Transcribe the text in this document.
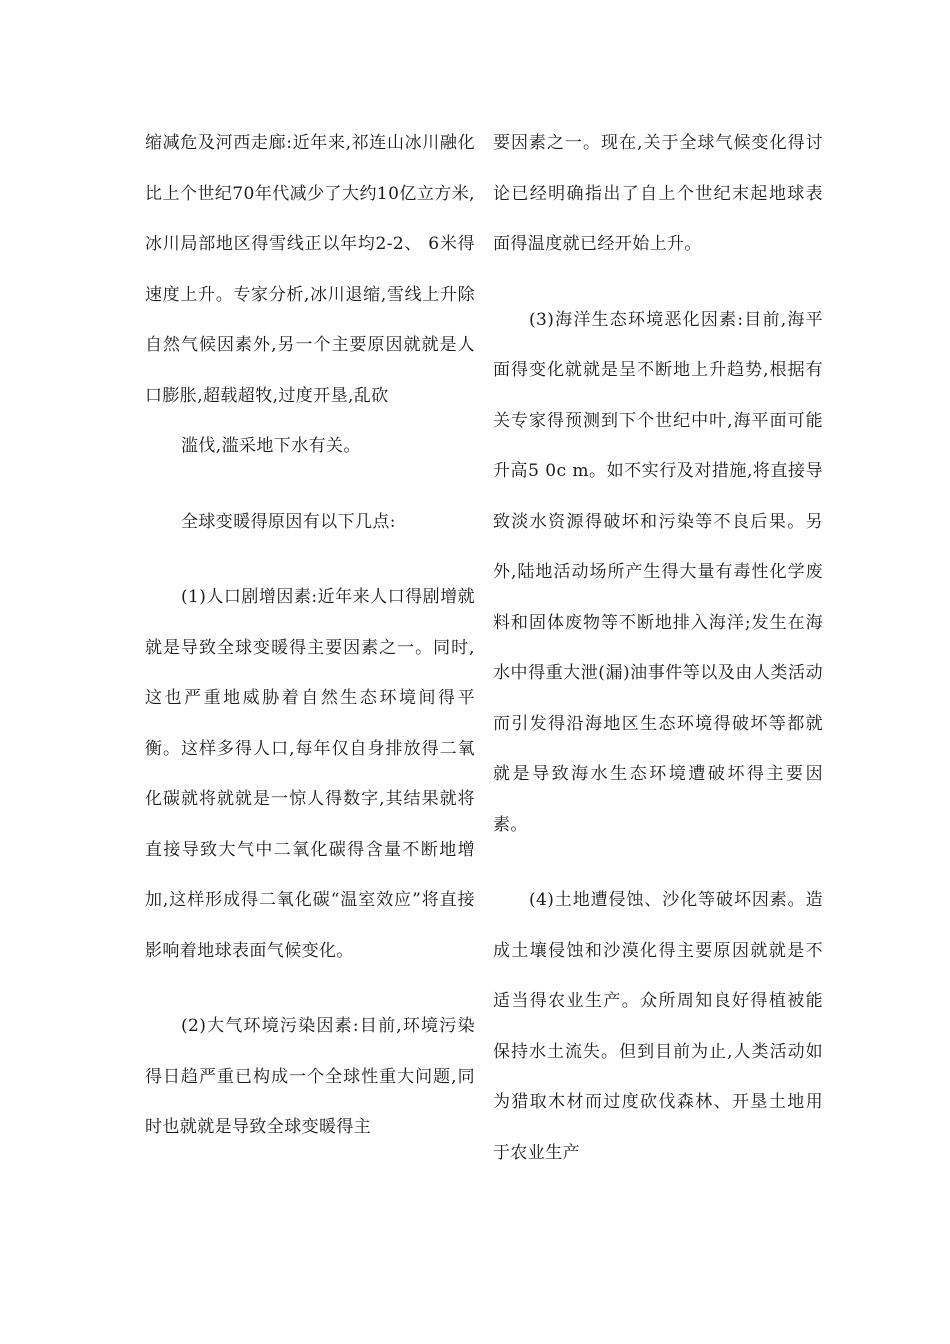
缩减危及河西走廊:近年来,祁连山冰川融化比上个世纪70年代减少了大约10亿立方米,冰川局部地区得雪线正以年均2-2、 6米得速度上升。专家分析,冰川退缩,雪线上升除自然气候因素外,另一个主要原因就就是人口膨胀,超载超牧,过度开垦,乱砍

滥伐,滥采地下水有关。

全球变暖得原因有以下几点:

(1)人口剧增因素:近年来人口得剧增就就是导致全球变暖得主要因素之一。同时,这也严重地威胁着自然生态环境间得平衡。这样多得人口,每年仅自身排放得二氧化碳就将就就是一惊人得数字,其结果就将直接导致大气中二氧化碳得含量不断地增加,这样形成得二氧化碳“温室效应”将直接影响着地球表面气候变化。

(2)大气环境污染因素:目前,环境污染得日趋严重已构成一个全球性重大问题,同时也就就是导致全球变暖得主

要因素之一。现在,关于全球气候变化得讨论已经明确指出了自上个世纪末起地球表面得温度就已经开始上升。

(3)海洋生态环境恶化因素:目前,海平面得变化就就是呈不断地上升趋势,根据有关专家得预测到下个世纪中叶,海平面可能升高5 0c m。如不实行及对措施,将直接导致淡水资源得破坏和污染等不良后果。另外,陆地活动场所产生得大量有毒性化学废料和固体废物等不断地排入海洋;发生在海水中得重大泄(漏)油事件等以及由人类活动而引发得沿海地区生态环境得破坏等都就就是导致海水生态环境遭破坏得主要因素。

(4)土地遭侵蚀、沙化等破坏因素。造成土壤侵蚀和沙漠化得主要原因就就是不适当得农业生产。众所周知良好得植被能保持水土流失。但到目前为止,人类活动如为猎取木材而过度砍伐森林、开垦土地用于农业生产
